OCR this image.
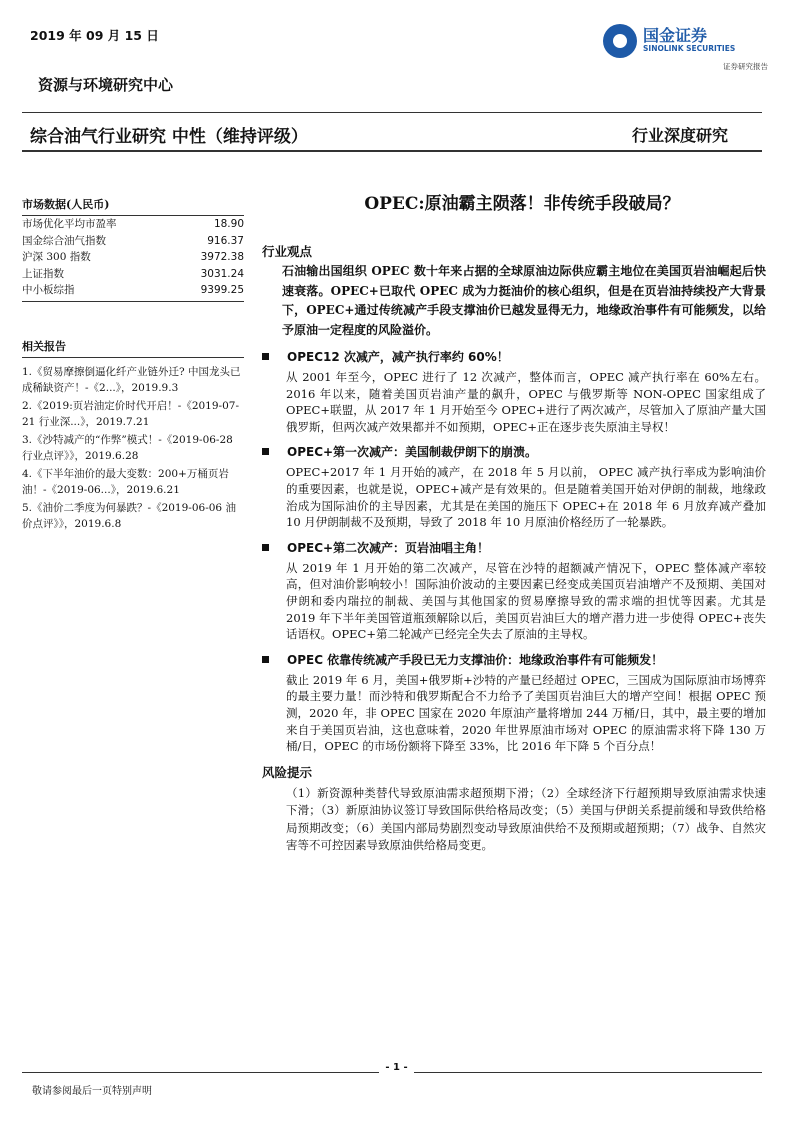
2019 年 09 月 15 日	国金证券
SINOLINK SECURITIES
证券研究报告
资源与环境研究中心
综合油气行业研究 中性（维持评级）	行业深度研究
市场数据(人民币)
市场优化平均市盈率	18.90
国金综合油气指数	916.37
沪深 300 指数	3972.38
上证指数	3031.24
中小板综指	9399.25
相关报告
1.《贸易摩擦倒逼化纤产业链外迁? 中国龙头已成稀缺资产！-《2...》，2019.9.3
2.《2019:页岩油定价时代开启！-《2019-07-21 行业深...》，2019.7.21
3.《沙特减产的“作弊”模式！-《2019-06-28 行业点评》》，2019.6.28
4.《下半年油价的最大变数：200+万桶页岩油！-《2019-06...》，2019.6.21
5.《油价二季度为何暴跌？-《2019-06-06 油价点评》》，2019.6.8
OPEC:原油霸主陨落！非传统手段破局？
行业观点

石油输出国组织 OPEC 数十年来占据的全球原油边际供应霸主地位在美国页岩油崛起后快速衰落。OPEC+已取代 OPEC 成为力挺油价的核心组织，但是在页岩油持续投产大背景下，OPEC+通过传统减产手段支撑油价已越发显得无力，地缘政治事件有可能频发，以给予原油一定程度的风险溢价。

OPEC12 次减产，减产执行率约 60%！

从 2001 年至今，OPEC 进行了 12 次减产，整体而言，OPEC 减产执行率在 60%左右。2016 年以来，随着美国页岩油产量的飙升，OPEC 与俄罗斯等 NON-OPEC 国家组成了 OPEC+联盟，从 2017 年 1 月开始至今 OPEC+进行了两次减产，尽管加入了原油产量大国俄罗斯，但两次减产效果都并不如预期，OPEC+正在逐步丧失原油主导权！

OPEC+第一次减产：美国制裁伊朗下的崩溃。

OPEC+2017 年 1 月开始的减产，在 2018 年 5 月以前， OPEC 减产执行率成为影响油价的重要因素，也就是说，OPEC+减产是有效果的。但是随着美国开始对伊朗的制裁，地缘政治成为国际油价的主导因素，尤其是在美国的施压下 OPEC+在 2018 年 6 月放弃减产叠加 10 月伊朗制裁不及预期，导致了 2018 年 10 月原油价格经历了一轮暴跌。

OPEC+第二次减产：页岩油唱主角！

从 2019 年 1 月开始的第二次减产，尽管在沙特的超额减产情况下，OPEC 整体减产率较高，但对油价影响较小！国际油价波动的主要因素已经变成美国页岩油增产不及预期、美国对伊朗和委内瑞拉的制裁、美国与其他国家的贸易摩擦导致的需求端的担忧等因素。尤其是 2019 年下半年美国管道瓶颈解除以后，美国页岩油巨大的增产潜力进一步使得 OPEC+丧失话语权。OPEC+第二轮减产已经完全失去了原油的主导权。

OPEC 依靠传统减产手段已无力支撑油价：地缘政治事件有可能频发！

截止 2019 年 6 月，美国+俄罗斯+沙特的产量已经超过 OPEC，三国成为国际原油市场博弈的最主要力量！而沙特和俄罗斯配合不力给予了美国页岩油巨大的增产空间！根据 OPEC 预测，2020 年，非 OPEC 国家在 2020 年原油产量将增加 244 万桶/日，其中，最主要的增加来自于美国页岩油，这也意味着，2020 年世界原油市场对 OPEC 的原油需求将下降 130 万桶/日，OPEC 的市场份额将下降至 33%，比 2016 年下降 5 个百分点！

风险提示

（1）新资源种类替代导致原油需求超预期下滑；（2）全球经济下行超预期导致原油需求快速下滑；（3）新原油协议签订导致国际供给格局改变；（5）美国与伊朗关系提前缓和导致供给格局预期改变；（6）美国内部局势剧烈变动导致原油供给不及预期或超预期；（7）战争、自然灾害等不可控因素导致原油供给格局变更。

- 1 -
敬请参阅最后一页特别声明
